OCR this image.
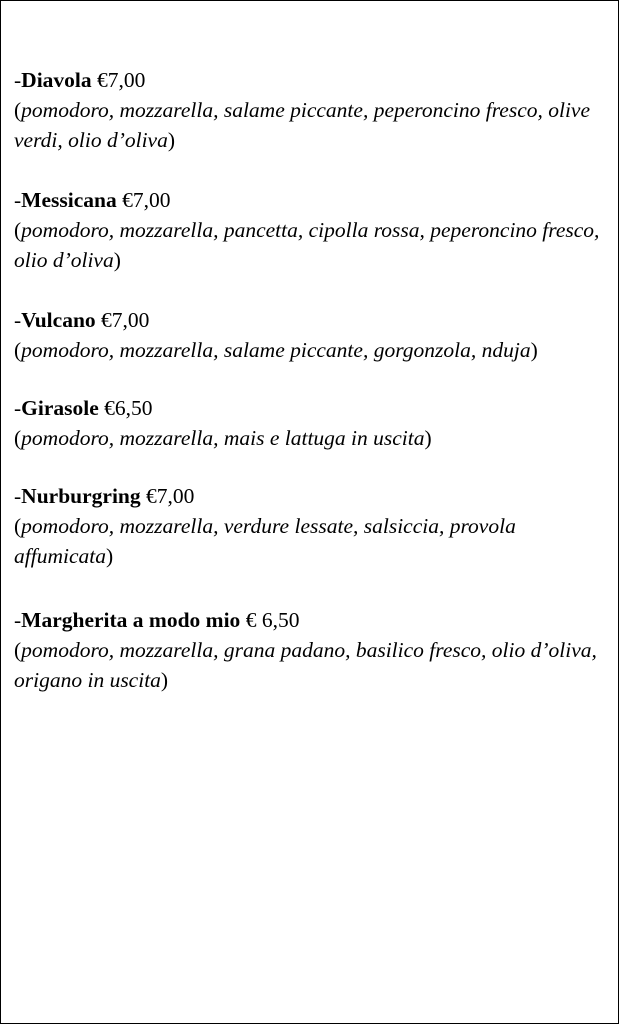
-Diavola €7,00
(pomodoro, mozzarella, salame piccante, peperoncino fresco, olive verdi, olio d’oliva)
-Messicana €7,00
(pomodoro, mozzarella, pancetta, cipolla rossa, peperoncino fresco, olio d’oliva)
-Vulcano €7,00
(pomodoro, mozzarella, salame piccante, gorgonzola, nduja)
-Girasole €6,50
(pomodoro, mozzarella, mais e lattuga in uscita)
-Nurburgring €7,00
(pomodoro, mozzarella, verdure lessate, salsiccia, provola affumicata)
-Margherita a modo mio € 6,50
(pomodoro, mozzarella, grana padano, basilico fresco, olio d’oliva, origano in uscita)
